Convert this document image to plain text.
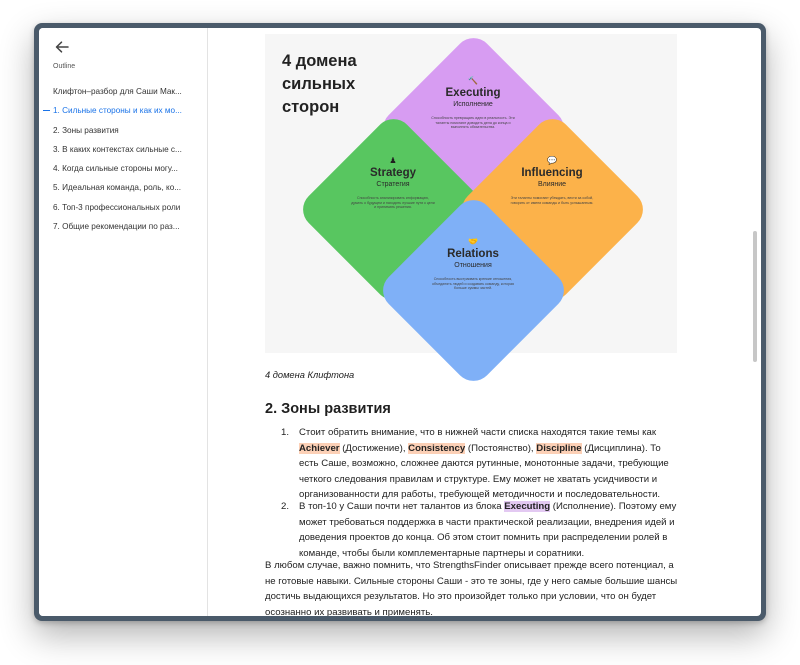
Outline
Клифтон–разбор для Саши Мак...
1. Сильные стороны и как их мо...
2. Зоны развития
3. В каких контекстах сильные с...
4. Когда сильные стороны могу...
5. Идеальная команда, роль, ко...
6. Топ-3 профессиональных роли
7. Общие рекомендации по раз...
4 домена
сильных
сторон
🔨
Executing
Исполнение
Способность превращать идеи в реальность. Эти таланты помогают доводить дела до конца и выполнять обязательства.
♟
Strategy
Стратегия
Способность анализировать информацию, думать о будущем и находить лучшие пути к цели и принимать решения.
💬
Influencing
Влияние
Эти таланты помогают убеждать, вести за собой, говорить от имени команды и быть услышанным.
🤝
Relations
Отношения
Способность выстраивать крепкие отношения, объединять людей и создавать команду, которая больше суммы частей.
4 домена Клифтона
2. Зоны развития
1. Стоит обратить внимание, что в нижней части списка находятся такие темы как Achiever (Достижение), Consistency (Постоянство), Discipline (Дисциплина). То есть Саше, возможно, сложнее даются рутинные, монотонные задачи, требующие четкого следования правилам и структуре. Ему может не хватать усидчивости и организованности для работы, требующей методичности и последовательности.
2. В топ-10 у Саши почти нет талантов из блока Executing (Исполнение). Поэтому ему может требоваться поддержка в части практической реализации, внедрения идей и доведения проектов до конца. Об этом стоит помнить при распределении ролей в команде, чтобы были комплементарные партнеры и соратники.
В любом случае, важно помнить, что StrengthsFinder описывает прежде всего потенциал, а не готовые навыки. Сильные стороны Саши - это те зоны, где у него самые большие шансы достичь выдающихся результатов. Но это произойдет только при условии, что он будет осознанно их развивать и применять.
